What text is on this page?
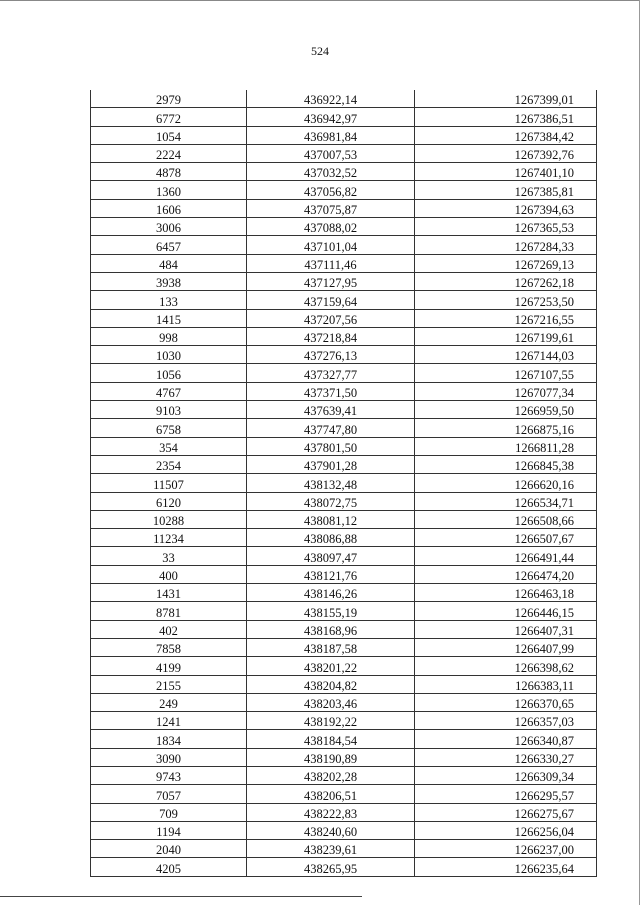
524
2979	436922,14	1267399,01
6772	436942,97	1267386,51
1054	436981,84	1267384,42
2224	437007,53	1267392,76
4878	437032,52	1267401,10
1360	437056,82	1267385,81
1606	437075,87	1267394,63
3006	437088,02	1267365,53
6457	437101,04	1267284,33
484	437111,46	1267269,13
3938	437127,95	1267262,18
133	437159,64	1267253,50
1415	437207,56	1267216,55
998	437218,84	1267199,61
1030	437276,13	1267144,03
1056	437327,77	1267107,55
4767	437371,50	1267077,34
9103	437639,41	1266959,50
6758	437747,80	1266875,16
354	437801,50	1266811,28
2354	437901,28	1266845,38
11507	438132,48	1266620,16
6120	438072,75	1266534,71
10288	438081,12	1266508,66
11234	438086,88	1266507,67
33	438097,47	1266491,44
400	438121,76	1266474,20
1431	438146,26	1266463,18
8781	438155,19	1266446,15
402	438168,96	1266407,31
7858	438187,58	1266407,99
4199	438201,22	1266398,62
2155	438204,82	1266383,11
249	438203,46	1266370,65
1241	438192,22	1266357,03
1834	438184,54	1266340,87
3090	438190,89	1266330,27
9743	438202,28	1266309,34
7057	438206,51	1266295,57
709	438222,83	1266275,67
1194	438240,60	1266256,04
2040	438239,61	1266237,00
4205	438265,95	1266235,64
